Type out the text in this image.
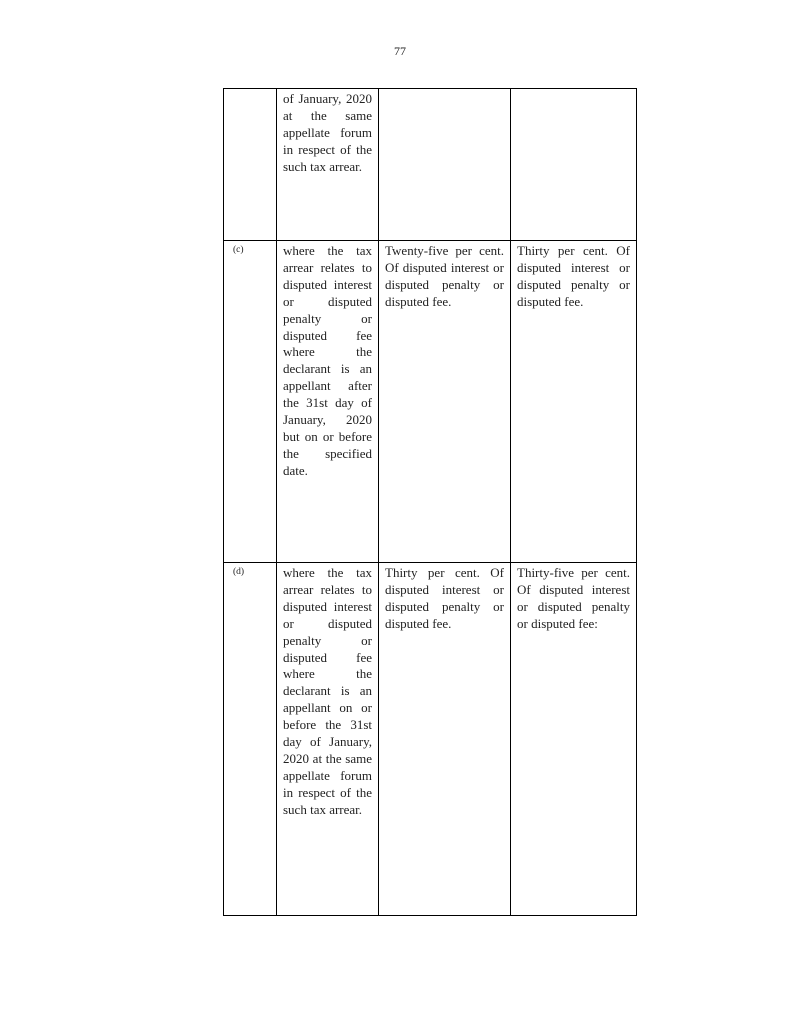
77

	of January, 2020 at the same appellate forum in respect of the such tax arrear.		

(c)	where the tax arrear relates to disputed interest or disputed penalty or disputed fee where the declarant is an appellant after the 31st day of January, 2020 but on or before the specified date.	Twenty-five per cent. Of disputed interest or disputed penalty or disputed fee.	Thirty per cent. Of disputed interest or disputed penalty or disputed fee.

(d)	where the tax arrear relates to disputed interest or disputed penalty or disputed fee where the declarant is an appellant on or before the 31st day of January, 2020 at the same appellate forum in respect of the such tax arrear.	Thirty per cent. Of disputed interest or disputed penalty or disputed fee.	Thirty-five per cent. Of disputed interest or disputed penalty or disputed fee:
